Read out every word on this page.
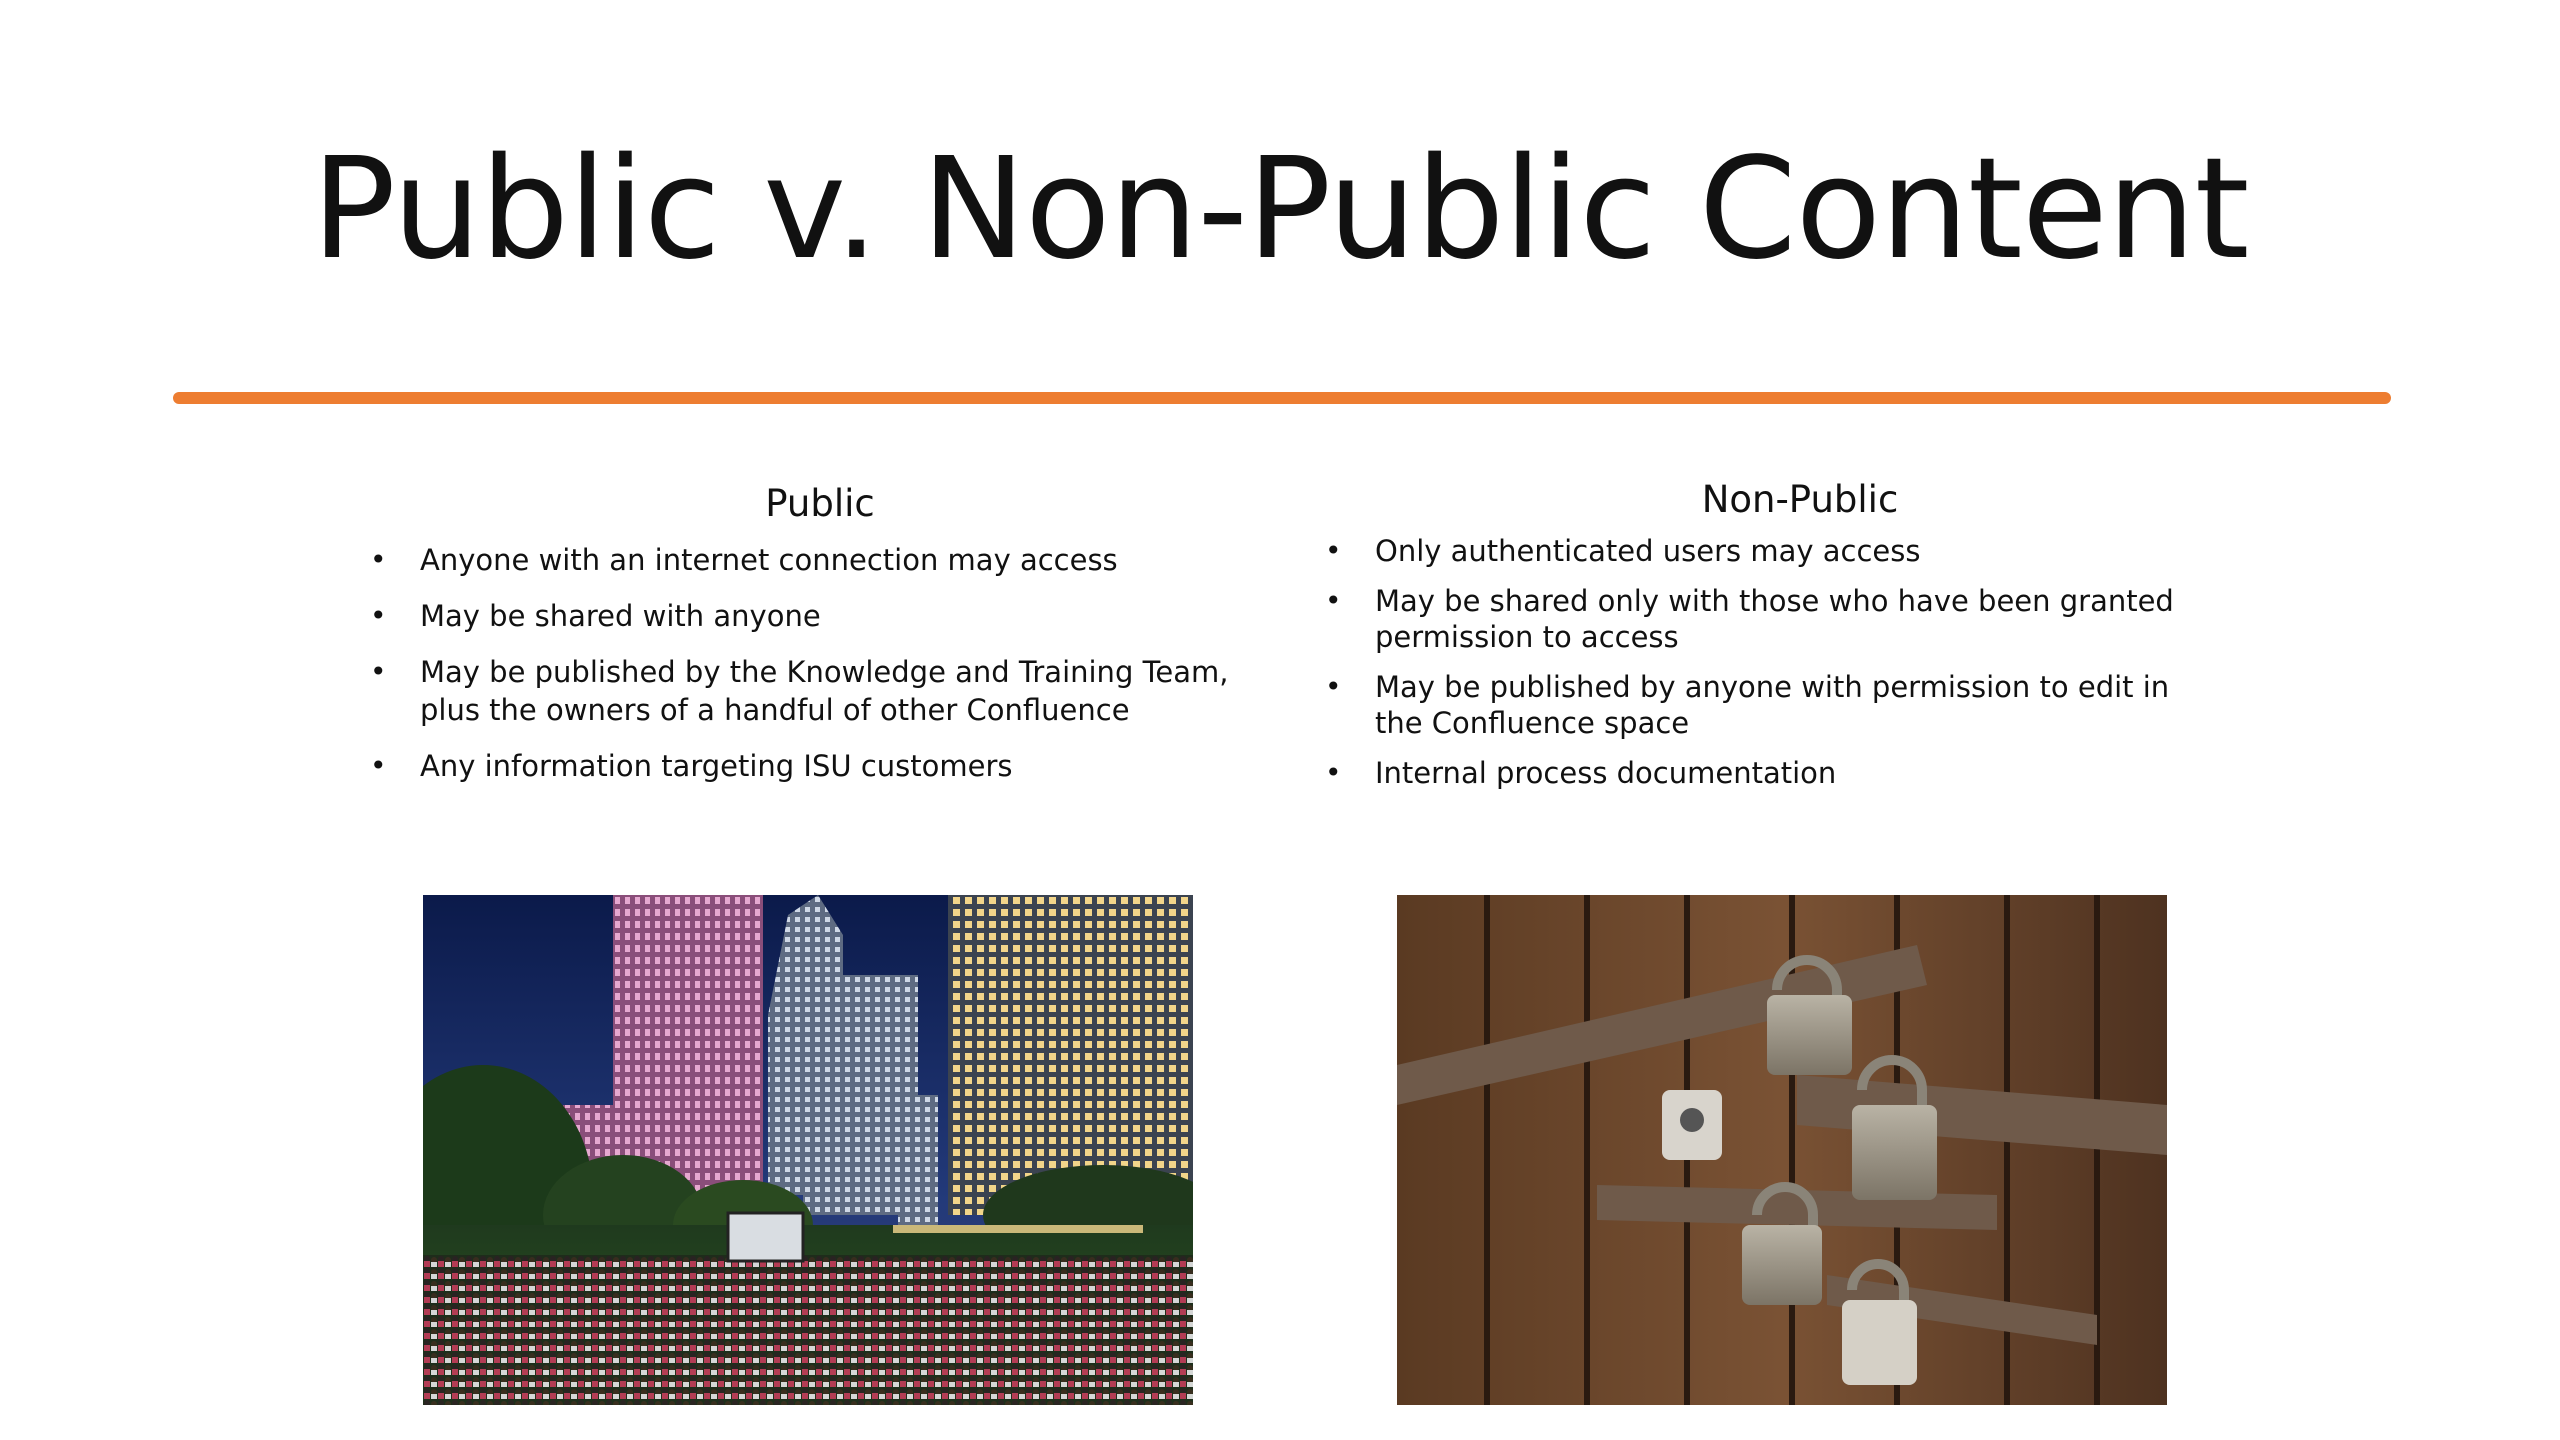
Public v. Non-Public Content
Public
• Anyone with an internet connection may access
• May be shared with anyone
• May be published by the Knowledge and Training Team, plus the owners of a handful of other Confluence
• Any information targeting ISU customers
Non-Public
• Only authenticated users may access
• May be shared only with those who have been granted permission to access
• May be published by anyone with permission to edit in the Confluence space
• Internal process documentation
